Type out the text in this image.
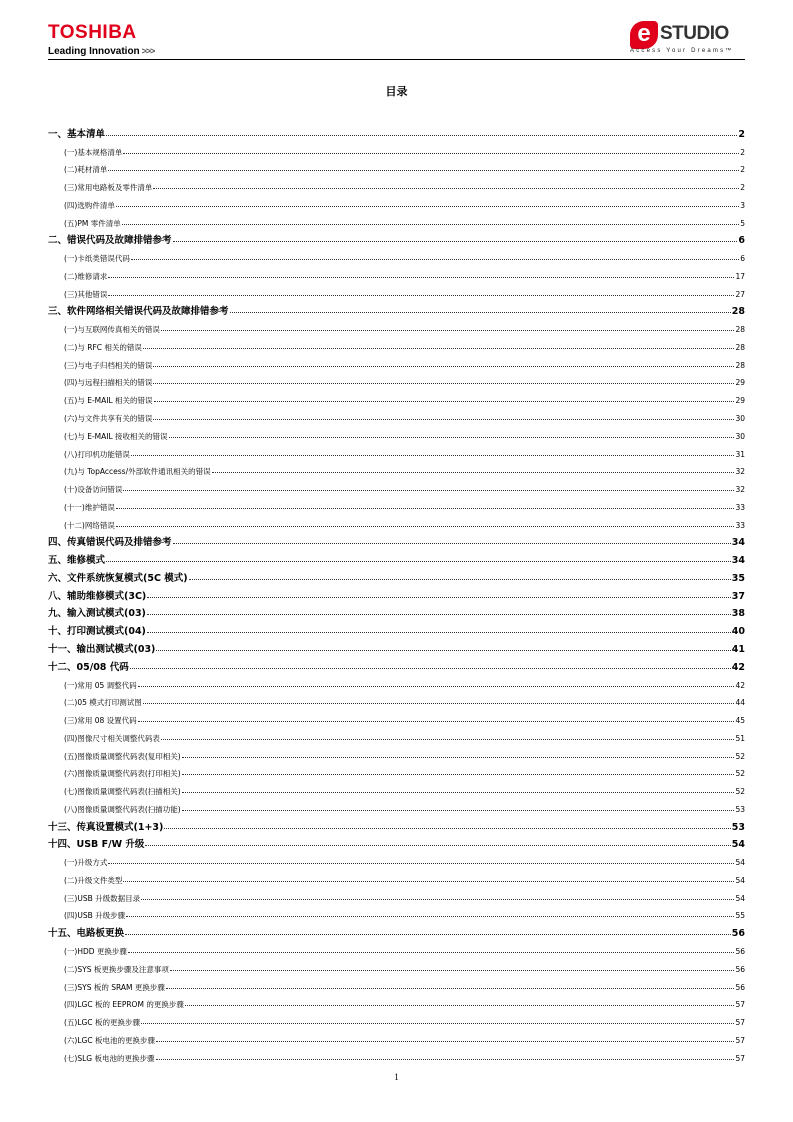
TOSHIBA
Leading Innovation >>>
e STUDIO
Access Your Dreams™
目录
一、基本清单	2
(一)基本规格清单	2
(二)耗材清单	2
(三)常用电路板及零件清单	2
(四)选购件清单	3
(五)PM 零件清单	5
二、错误代码及故障排错参考	6
(一)卡纸类错误代码	6
(二)维修请求	17
(三)其他错误	27
三、软件网络相关错误代码及故障排错参考	28
(一)与互联网传真相关的错误	28
(二)与 RFC 相关的错误	28
(三)与电子归档相关的错误	28
(四)与远程扫描相关的错误	29
(五)与 E-MAIL 相关的错误	29
(六)与文件共享有关的错误	30
(七)与 E-MAIL 接收相关的错误	30
(八)打印机功能错误	31
(九)与 TopAccess/外部软件通讯相关的错误	32
(十)设备访问错误	32
(十一)维护错误	33
(十二)网络错误	33
四、传真错误代码及排错参考	34
五、维修模式	34
六、文件系统恢复模式(5C 模式)	35
八、辅助维修模式(3C)	37
九、输入测试模式(03)	38
十、打印测试模式(04)	40
十一、输出测试模式(03)	41
十二、05/08 代码	42
(一)常用 05 调整代码	42
(二)05 模式打印测试图	44
(三)常用 08 设置代码	45
(四)图像尺寸相关调整代码表	51
(五)图像质量调整代码表(复印相关)	52
(六)图像质量调整代码表(打印相关)	52
(七)图像质量调整代码表(扫描相关)	52
(八)图像质量调整代码表(扫描功能)	53
十三、传真设置模式(1+3)	53
十四、USB F/W 升级	54
(一)升级方式	54
(二)升级文件类型	54
(三)USB 升级数据目录	54
(四)USB 升级步骤	55
十五、电路板更换	56
(一)HDD 更换步骤	56
(二)SYS 板更换步骤及注意事项	56
(三)SYS 板的 SRAM 更换步骤	56
(四)LGC 板的 EEPROM 的更换步骤	57
(五)LGC 板的更换步骤	57
(六)LGC 板电池的更换步骤	57
(七)SLG 板电池的更换步骤	57
1
